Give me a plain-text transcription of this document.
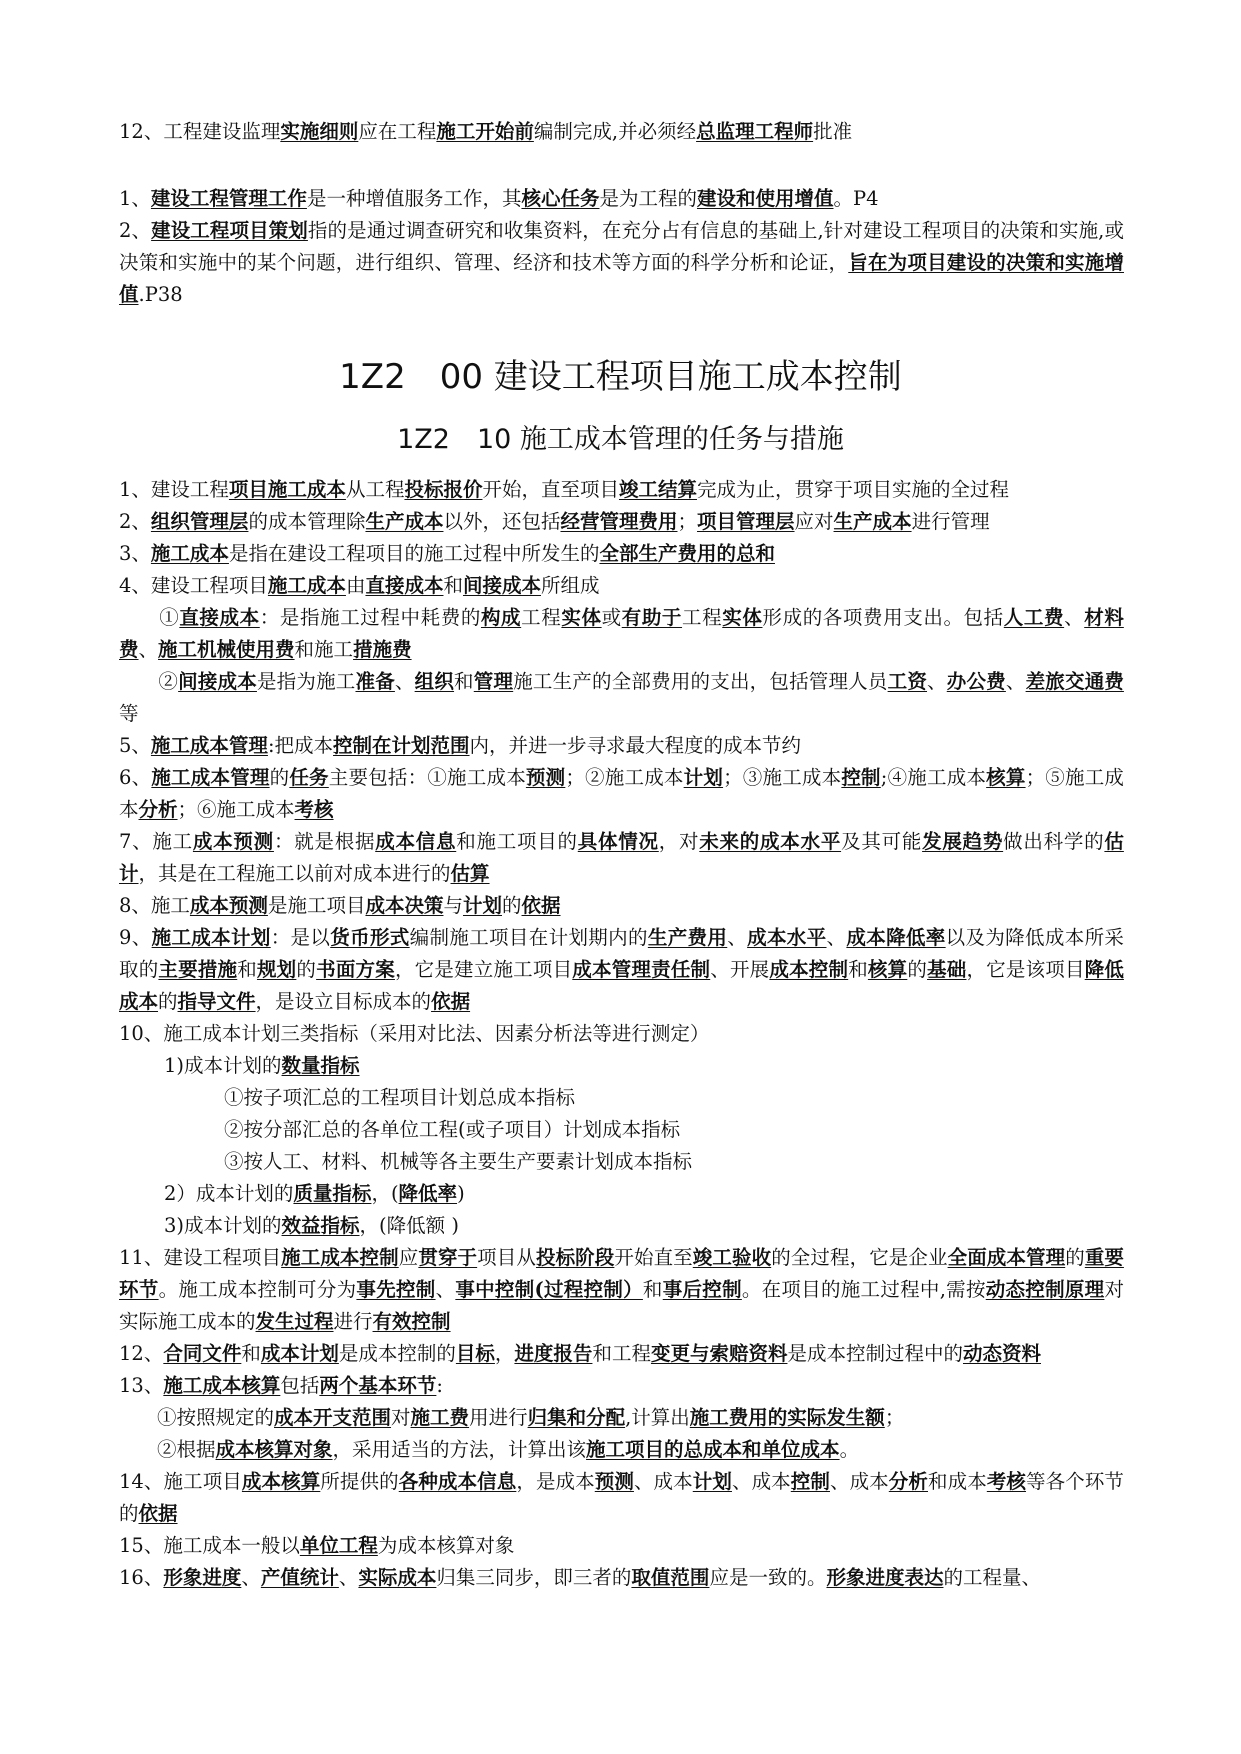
12、工程建设监理实施细则应在工程施工开始前编制完成,并必须经总监理工程师批准

1、建设工程管理工作是一种增值服务工作，其核心任务是为工程的建设和使用增值。P4

2、建设工程项目策划指的是通过调查研究和收集资料，在充分占有信息的基础上,针对建设工程项目的决策和实施,或决策和实施中的某个问题，进行组织、管理、经济和技术等方面的科学分析和论证，旨在为项目建设的决策和实施增值.P38

1Z2　00 建设工程项目施工成本控制
1Z2　10 施工成本管理的任务与措施

1、建设工程项目施工成本从工程投标报价开始，直至项目竣工结算完成为止，贯穿于项目实施的全过程

2、组织管理层的成本管理除生产成本以外，还包括经营管理费用；项目管理层应对生产成本进行管理

3、施工成本是指在建设工程项目的施工过程中所发生的全部生产费用的总和

4、建设工程项目施工成本由直接成本和间接成本所组成

　　①直接成本：是指施工过程中耗费的构成工程实体或有助于工程实体形成的各项费用支出。包括人工费、材料费、施工机械使用费和施工措施费

　　②间接成本是指为施工准备、组织和管理施工生产的全部费用的支出，包括管理人员工资、办公费、差旅交通费等

5、施工成本管理:把成本控制在计划范围内，并进一步寻求最大程度的成本节约

6、施工成本管理的任务主要包括：①施工成本预测；②施工成本计划；③施工成本控制;④施工成本核算；⑤施工成本分析；⑥施工成本考核

7、施工成本预测：就是根据成本信息和施工项目的具体情况，对未来的成本水平及其可能发展趋势做出科学的估计，其是在工程施工以前对成本进行的估算

8、施工成本预测是施工项目成本决策与计划的依据

9、施工成本计划：是以货币形式编制施工项目在计划期内的生产费用、成本水平、成本降低率以及为降低成本所采取的主要措施和规划的书面方案，它是建立施工项目成本管理责任制、开展成本控制和核算的基础，它是该项目降低成本的指导文件，是设立目标成本的依据

10、施工成本计划三类指标（采用对比法、因素分析法等进行测定）

1)成本计划的数量指标

①按子项汇总的工程项目计划总成本指标

②按分部汇总的各单位工程(或子项目）计划成本指标

③按人工、材料、机械等各主要生产要素计划成本指标

2）成本计划的质量指标，(降低率)

3)成本计划的效益指标，(降低额 )

11、建设工程项目施工成本控制应贯穿于项目从投标阶段开始直至竣工验收的全过程，它是企业全面成本管理的重要环节。施工成本控制可分为事先控制、事中控制(过程控制）和事后控制。在项目的施工过程中,需按动态控制原理对实际施工成本的发生过程进行有效控制

12、合同文件和成本计划是成本控制的目标，进度报告和工程变更与索赔资料是成本控制过程中的动态资料

13、施工成本核算包括两个基本环节:

①按照规定的成本开支范围对施工费用进行归集和分配,计算出施工费用的实际发生额；

②根据成本核算对象，采用适当的方法，计算出该施工项目的总成本和单位成本。

14、施工项目成本核算所提供的各种成本信息，是成本预测、成本计划、成本控制、成本分析和成本考核等各个环节的依据

15、施工成本一般以单位工程为成本核算对象

16、形象进度、产值统计、实际成本归集三同步，即三者的取值范围应是一致的。形象进度表达的工程量、
